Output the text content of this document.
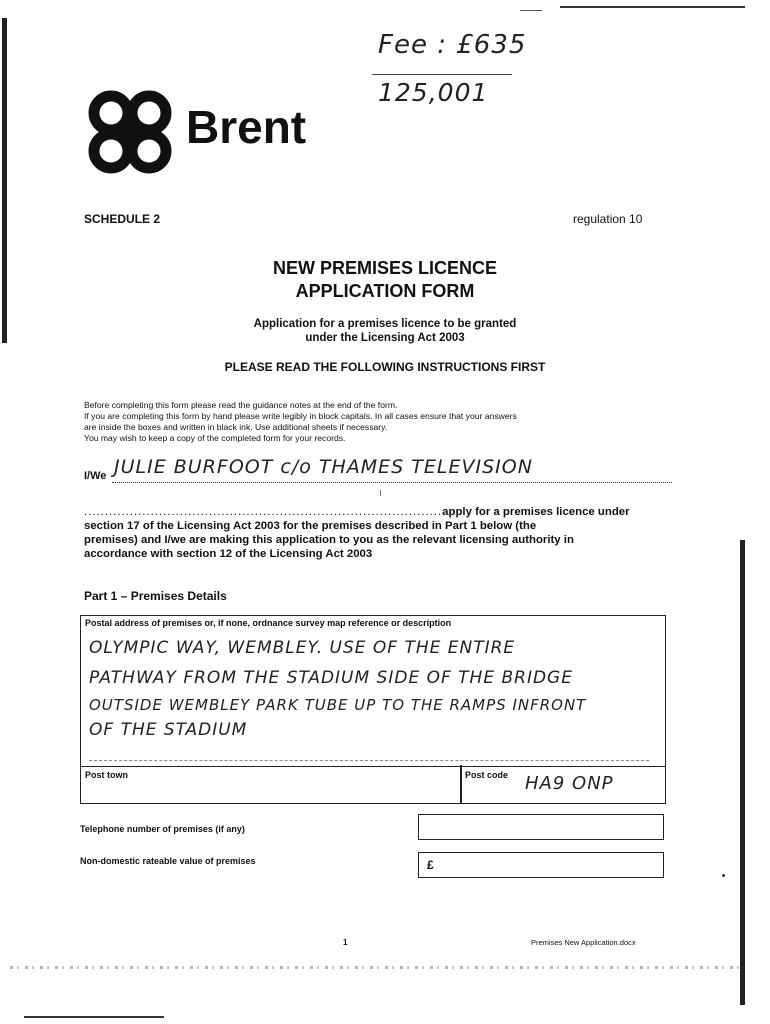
Fee : £635
125,001
Brent
SCHEDULE 2	regulation 10
NEW PREMISES LICENCE
APPLICATION FORM
Application for a premises licence to be granted
under the Licensing Act 2003
PLEASE READ THE FOLLOWING INSTRUCTIONS FIRST
Before completing this form please read the guidance notes at the end of the form.
If you are completing this form by hand please write legibly in block capitals. In all cases ensure that your answers
are inside the boxes and written in black ink. Use additional sheets if necessary.
You may wish to keep a copy of the completed form for your records.
I/We JULIE BURFOOT c/o THAMES TELEVISION
......................................................................................apply for a premises licence under
section 17 of the Licensing Act 2003 for the premises described in Part 1 below (the
premises) and I/we are making this application to you as the relevant licensing authority in
accordance with section 12 of the Licensing Act 2003
Part 1 – Premises Details
Postal address of premises or, if none, ordnance survey map reference or description
OLYMPIC WAY, WEMBLEY. USE OF THE ENTIRE
PATHWAY FROM THE STADIUM SIDE OF THE BRIDGE
OUTSIDE WEMBLEY PARK TUBE UP TO THE RAMPS INFRONT
OF THE STADIUM
Post town	Post code HA9 ONP
Telephone number of premises (if any)
Non-domestic rateable value of premises	£
1	Premises New Application.docx
